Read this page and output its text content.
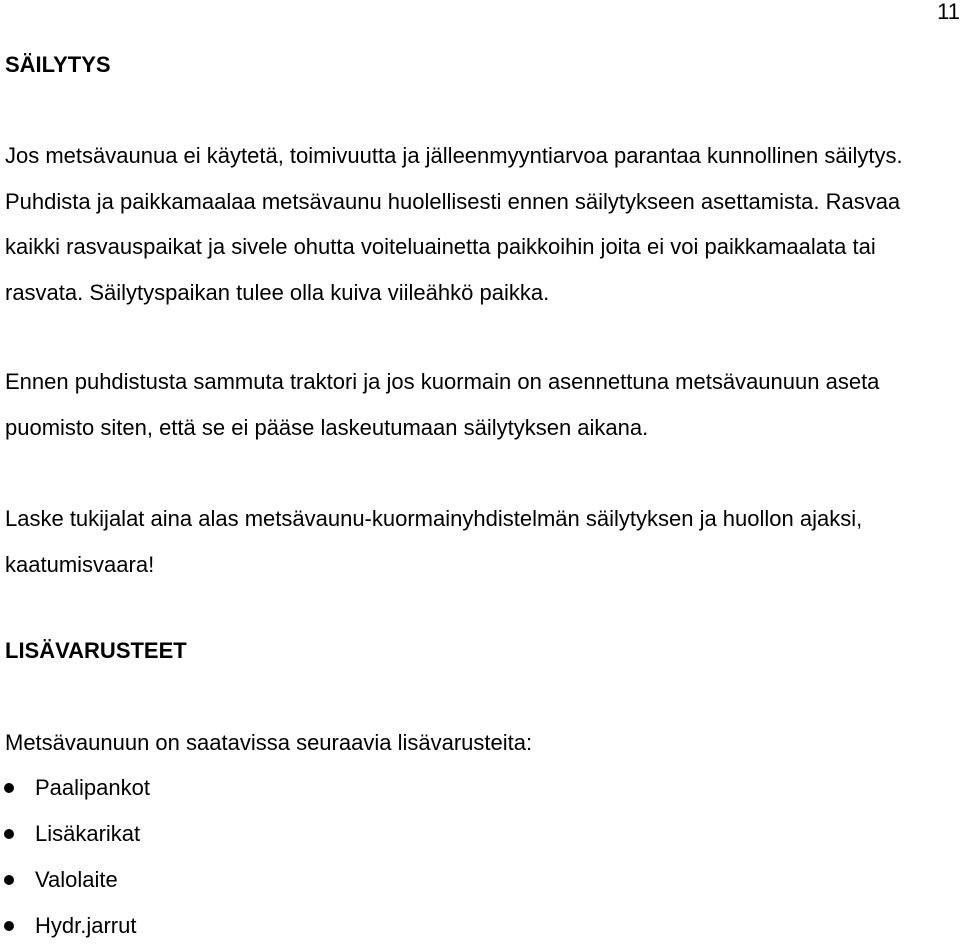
11
SÄILYTYS

Jos metsävaunua ei käytetä, toimivuutta ja jälleenmyyntiarvoa parantaa kunnollinen säilytys. Puhdista ja paikkamaalaa metsävaunu huolellisesti ennen säilytykseen asettamista. Rasvaa kaikki rasvauspaikat ja sivele ohutta voiteluainetta paikkoihin joita ei voi paikkamaalata tai rasvata. Säilytyspaikan tulee olla kuiva viileähkö paikka.

Ennen puhdistusta sammuta traktori ja jos kuormain on asennettuna metsävaunuun aseta puomisto siten, että se ei pääse laskeutumaan säilytyksen aikana.

Laske tukijalat aina alas metsävaunu-kuormainyhdistelmän säilytyksen ja huollon ajaksi, kaatumisvaara!

LISÄVARUSTEET

Metsävaunuun on saatavissa seuraavia lisävarusteita:

Paalipankot
Lisäkarikat
Valolaite
Hydr.jarrut
